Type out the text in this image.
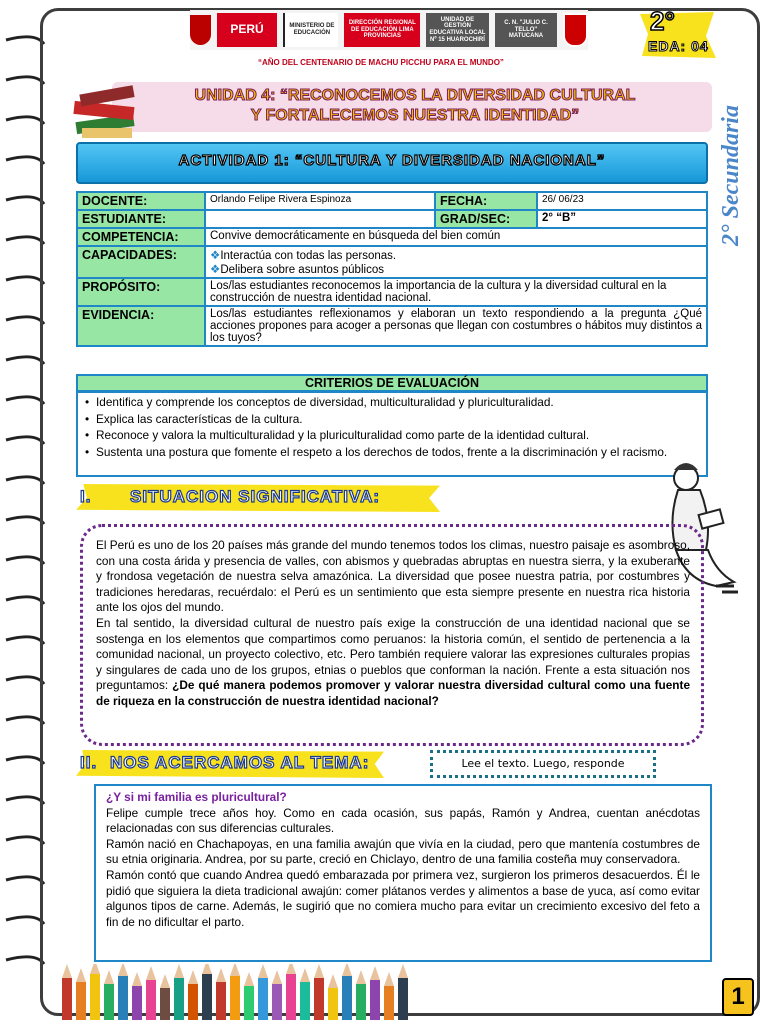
PERÚ	MINISTERIO DE EDUCACIÓN
DIRECCIÓN REGIONAL DE EDUCACIÓN LIMA PROVINCIAS
UNIDAD DE GESTIÓN EDUCATIVA LOCAL Nº 15 HUAROCHIRÍ
C. N. "JULIO C. TELLO" MATUCANA
“AÑO DEL CENTENARIO DE MACHU PICCHU PARA EL MUNDO”
2°
EDA: 04
2° Secundaria
UNIDAD 4: “RECONOCEMOS LA DIVERSIDAD CULTURAL
Y FORTALECEMOS NUESTRA IDENTIDAD”
ACTIVIDAD 1: “CULTURA Y DIVERSIDAD NACIONAL”
DOCENTE:	Orlando Felipe Rivera Espinoza	FECHA:	26/ 06/23
ESTUDIANTE:		GRAD/SEC:	2° “B”
COMPETENCIA:	Convive democráticamente en búsqueda del bien común		
CAPACIDADES:	❖Interactúa con todas las personas.
❖Delibera sobre asuntos públicos		

PROPÓSITO:	Los/las estudiantes reconocemos la importancia de la cultura y la diversidad cultural en la construcción de nuestra identidad nacional.		
EVIDENCIA:	Los/las estudiantes reflexionamos y elaboran un texto respondiendo a la pregunta ¿Qué acciones propones para acoger a personas que llegan con costumbres o hábitos muy distintos a los tuyos?		
CRITERIOS DE EVALUACIÓN
• Identifica y comprende los conceptos de diversidad, multiculturalidad y pluriculturalidad.
• Explica las características de la cultura.
• Reconoce y valora la multiculturalidad y la pluriculturalidad como parte de la identidad cultural.
• Sustenta una postura que fomente el respeto a los derechos de todos, frente a la discriminación y el racismo.
I. SITUACION SIGNIFICATIVA:
El Perú es uno de los 20 países más grande del mundo tenemos todos los climas, nuestro paisaje es asombroso, con una costa árida y presencia de valles, con abismos y quebradas abruptas en nuestra sierra, y la exuberante y frondosa vegetación de nuestra selva amazónica. La diversidad que posee nuestra patria, por costumbres y tradiciones heredaras, recuérdalo: el Perú es un sentimiento que esta siempre presente en nuestra rica historia ante los ojos del mundo.
En tal sentido, la diversidad cultural de nuestro país exige la construcción de una identidad nacional que se sostenga en los elementos que compartimos como peruanos: la historia común, el sentido de pertenencia a la comunidad nacional, un proyecto colectivo, etc. Pero también requiere valorar las expresiones culturales propias y singulares de cada uno de los grupos, etnias o pueblos que conforman la nación. Frente a esta situación nos preguntamos: ¿De qué manera podemos promover y valorar nuestra diversidad cultural como una fuente de riqueza en la construcción de nuestra identidad nacional?
II. NOS ACERCAMOS AL TEMA:	Lee el texto. Luego, responde
¿Y si mi familia es pluricultural?
Felipe cumple trece años hoy. Como en cada ocasión, sus papás, Ramón y Andrea, cuentan anécdotas relacionadas con sus diferencias culturales.
Ramón nació en Chachapoyas, en una familia awajún que vivía en la ciudad, pero que mantenía costumbres de su etnia originaria. Andrea, por su parte, creció en Chiclayo, dentro de una familia costeña muy conservadora.
Ramón contó que cuando Andrea quedó embarazada por primera vez, surgieron los primeros desacuerdos. Él le pidió que siguiera la dieta tradicional awajún: comer plátanos verdes y alimentos a base de yuca, así como evitar algunos tipos de carne. Además, le sugirió que no comiera mucho para evitar un crecimiento excesivo del feto a fin de no dificultar el parto.
1
